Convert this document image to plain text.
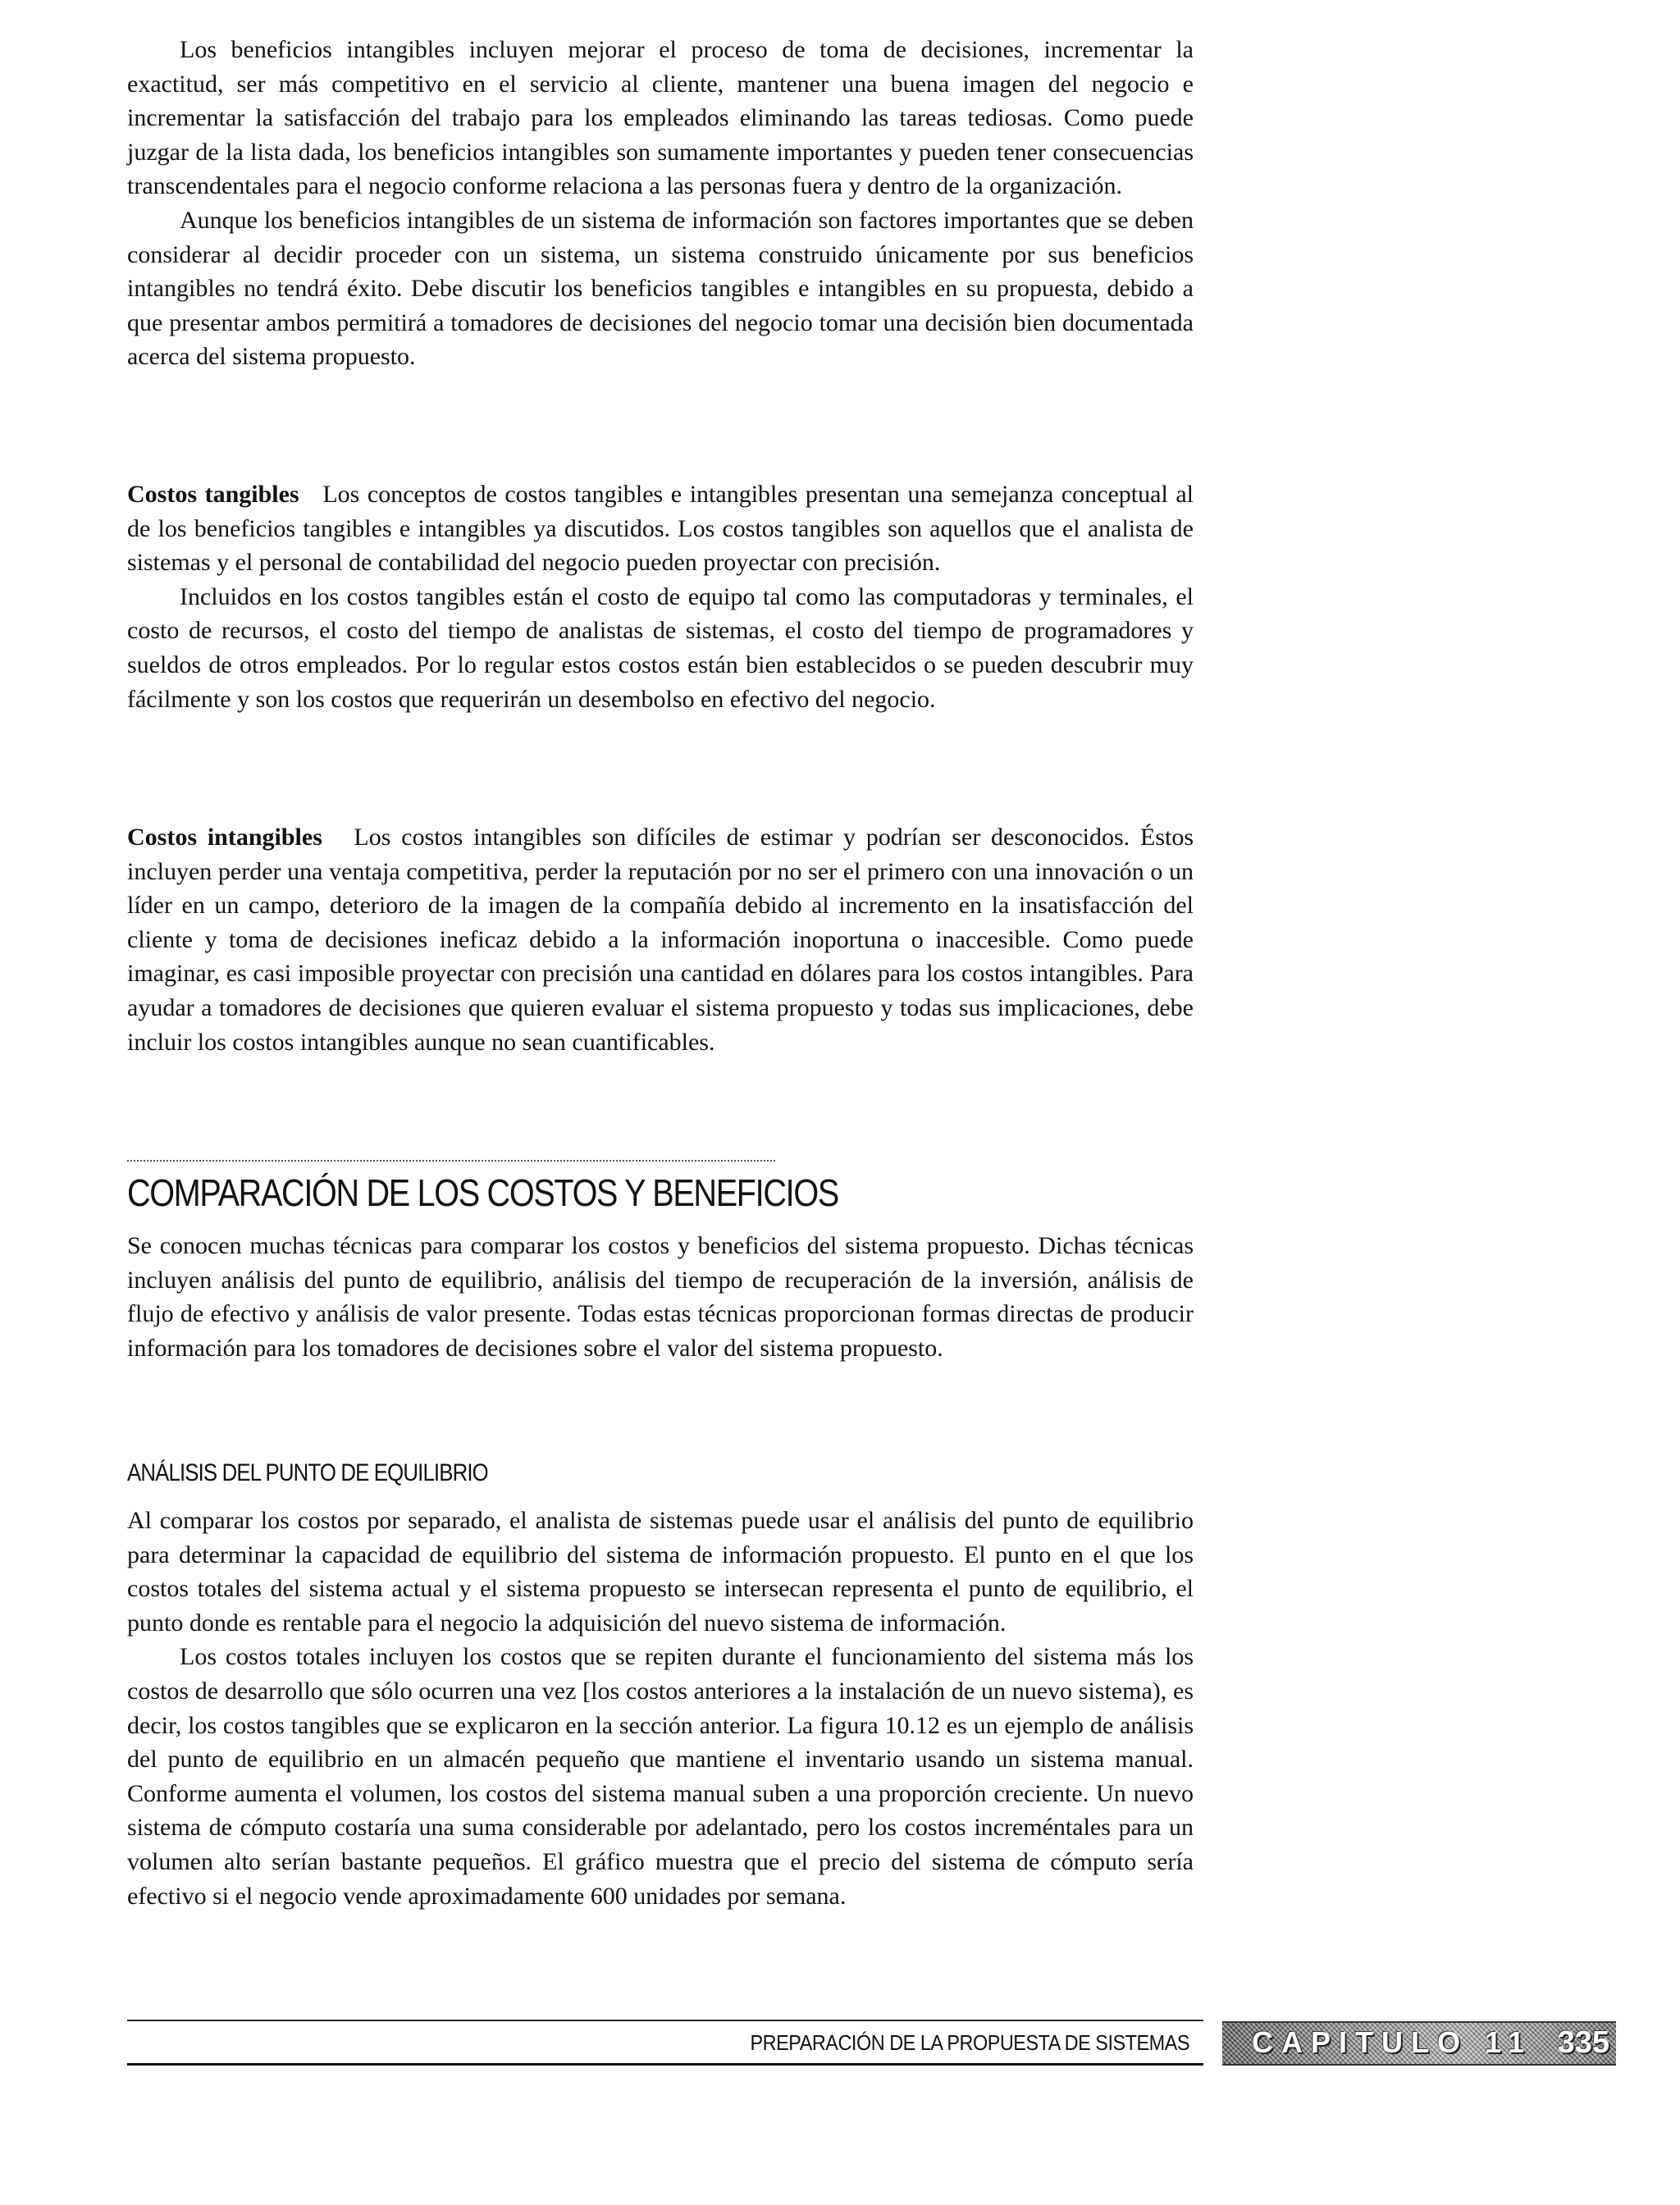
Los beneficios intangibles incluyen mejorar el proceso de toma de decisiones, incrementar la exactitud, ser más competitivo en el servicio al cliente, mantener una buena imagen del negocio e incrementar la satisfacción del trabajo para los empleados eliminando las tareas tediosas. Como puede juzgar de la lista dada, los beneficios intangibles son sumamente importantes y pueden tener consecuencias transcendentales para el negocio conforme relaciona a las personas fuera y dentro de la organización.

Aunque los beneficios intangibles de un sistema de información son factores importantes que se deben considerar al decidir proceder con un sistema, un sistema construido únicamente por sus beneficios intangibles no tendrá éxito. Debe discutir los beneficios tangibles e intangibles en su propuesta, debido a que presentar ambos permitirá a tomadores de decisiones del negocio tomar una decisión bien documentada acerca del sistema propuesto.

Costos tangibles Los conceptos de costos tangibles e intangibles presentan una semejanza conceptual al de los beneficios tangibles e intangibles ya discutidos. Los costos tangibles son aquellos que el analista de sistemas y el personal de contabilidad del negocio pueden proyectar con precisión.

Incluidos en los costos tangibles están el costo de equipo tal como las computadoras y terminales, el costo de recursos, el costo del tiempo de analistas de sistemas, el costo del tiempo de programadores y sueldos de otros empleados. Por lo regular estos costos están bien establecidos o se pueden descubrir muy fácilmente y son los costos que requerirán un desembolso en efectivo del negocio.

Costos intangibles Los costos intangibles son difíciles de estimar y podrían ser desconocidos. Éstos incluyen perder una ventaja competitiva, perder la reputación por no ser el primero con una innovación o un líder en un campo, deterioro de la imagen de la compañía debido al incremento en la insatisfacción del cliente y toma de decisiones ineficaz debido a la información inoportuna o inaccesible. Como puede imaginar, es casi imposible proyectar con precisión una cantidad en dólares para los costos intangibles. Para ayudar a tomadores de decisiones que quieren evaluar el sistema propuesto y todas sus implicaciones, debe incluir los costos intangibles aunque no sean cuantificables.

COMPARACIÓN DE LOS COSTOS Y BENEFICIOS

Se conocen muchas técnicas para comparar los costos y beneficios del sistema propuesto. Dichas técnicas incluyen análisis del punto de equilibrio, análisis del tiempo de recuperación de la inversión, análisis de flujo de efectivo y análisis de valor presente. Todas estas técnicas proporcionan formas directas de producir información para los tomadores de decisiones sobre el valor del sistema propuesto.

ANÁLISIS DEL PUNTO DE EQUILIBRIO

Al comparar los costos por separado, el analista de sistemas puede usar el análisis del punto de equilibrio para determinar la capacidad de equilibrio del sistema de información propuesto. El punto en el que los costos totales del sistema actual y el sistema propuesto se intersecan representa el punto de equilibrio, el punto donde es rentable para el negocio la adquisición del nuevo sistema de información.

Los costos totales incluyen los costos que se repiten durante el funcionamiento del sistema más los costos de desarrollo que sólo ocurren una vez [los costos anteriores a la instalación de un nuevo sistema), es decir, los costos tangibles que se explicaron en la sección anterior. La figura 10.12 es un ejemplo de análisis del punto de equilibrio en un almacén pequeño que mantiene el inventario usando un sistema manual. Conforme aumenta el volumen, los costos del sistema manual suben a una proporción creciente. Un nuevo sistema de cómputo costaría una suma considerable por adelantado, pero los costos increméntales para un volumen alto serían bastante pequeños. El gráfico muestra que el precio del sistema de cómputo sería efectivo si el negocio vende aproximadamente 600 unidades por semana.

PREPARACIÓN DE LA PROPUESTA DE SISTEMAS CAPITULO 11 335
